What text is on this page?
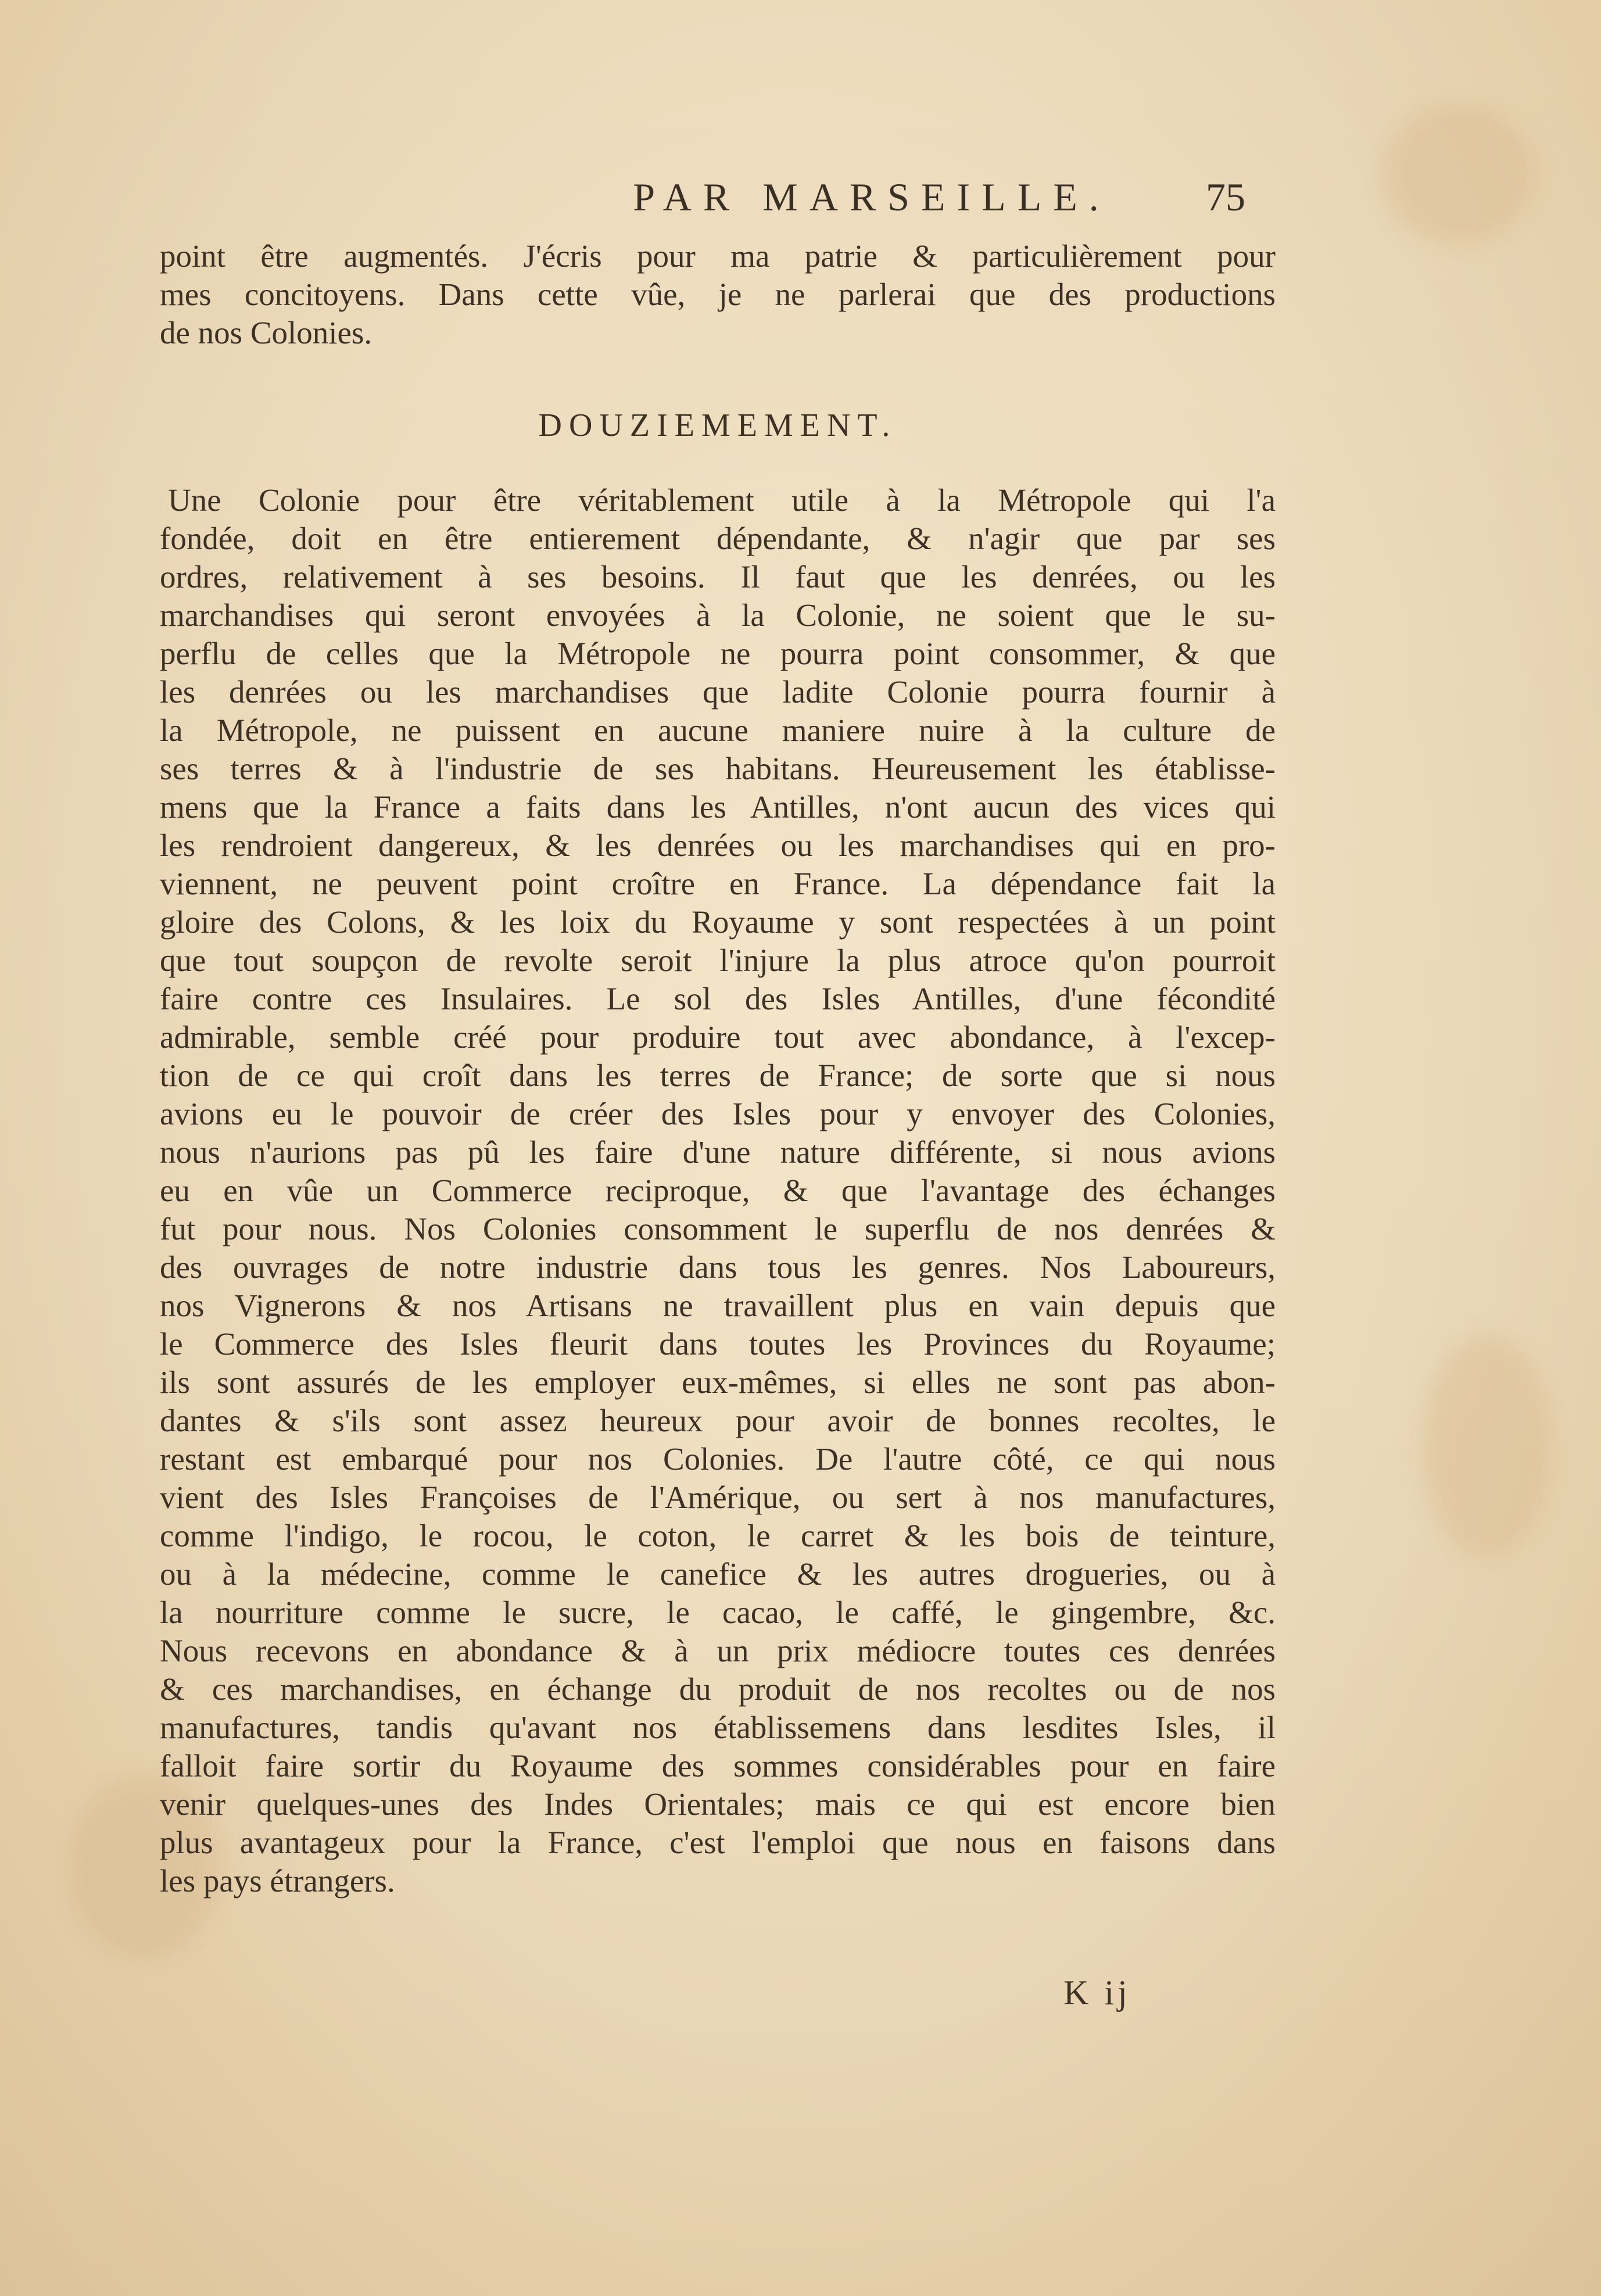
PAR MARSEILLE.	75
point être augmentés. J'écris pour ma patrie & particulièrement pour
mes concitoyens. Dans cette vûe, je ne parlerai que des productions
de nos Colonies.
DOUZIEMEMENT.
Une Colonie pour être véritablement utile à la Métropole qui l'a
fondée, doit en être entierement dépendante, & n'agir que par ses
ordres, relativement à ses besoins. Il faut que les denrées, ou les
marchandises qui seront envoyées à la Colonie, ne soient que le su-
perflu de celles que la Métropole ne pourra point consommer, & que
les denrées ou les marchandises que ladite Colonie pourra fournir à
la Métropole, ne puissent en aucune maniere nuire à la culture de
ses terres & à l'industrie de ses habitans. Heureusement les établisse-
mens que la France a faits dans les Antilles, n'ont aucun des vices qui
les rendroient dangereux, & les denrées ou les marchandises qui en pro-
viennent, ne peuvent point croître en France. La dépendance fait la
gloire des Colons, & les loix du Royaume y sont respectées à un point
que tout soupçon de revolte seroit l'injure la plus atroce qu'on pourroit
faire contre ces Insulaires. Le sol des Isles Antilles, d'une fécondité
admirable, semble créé pour produire tout avec abondance, à l'excep-
tion de ce qui croît dans les terres de France; de sorte que si nous
avions eu le pouvoir de créer des Isles pour y envoyer des Colonies,
nous n'aurions pas pû les faire d'une nature différente, si nous avions
eu en vûe un Commerce reciproque, & que l'avantage des échanges
fut pour nous. Nos Colonies consomment le superflu de nos denrées &
des ouvrages de notre industrie dans tous les genres. Nos Laboureurs,
nos Vignerons & nos Artisans ne travaillent plus en vain depuis que
le Commerce des Isles fleurit dans toutes les Provinces du Royaume;
ils sont assurés de les employer eux-mêmes, si elles ne sont pas abon-
dantes & s'ils sont assez heureux pour avoir de bonnes recoltes, le
restant est embarqué pour nos Colonies. De l'autre côté, ce qui nous
vient des Isles Françoises de l'Amérique, ou sert à nos manufactures,
comme l'indigo, le rocou, le coton, le carret & les bois de teinture,
ou à la médecine, comme le canefice & les autres drogueries, ou à
la nourriture comme le sucre, le cacao, le caffé, le gingembre, &c.
Nous recevons en abondance & à un prix médiocre toutes ces denrées
& ces marchandises, en échange du produit de nos recoltes ou de nos
manufactures, tandis qu'avant nos établissemens dans lesdites Isles, il
falloit faire sortir du Royaume des sommes considérables pour en faire
venir quelques-unes des Indes Orientales; mais ce qui est encore bien
plus avantageux pour la France, c'est l'emploi que nous en faisons dans
les pays étrangers.
K ij
